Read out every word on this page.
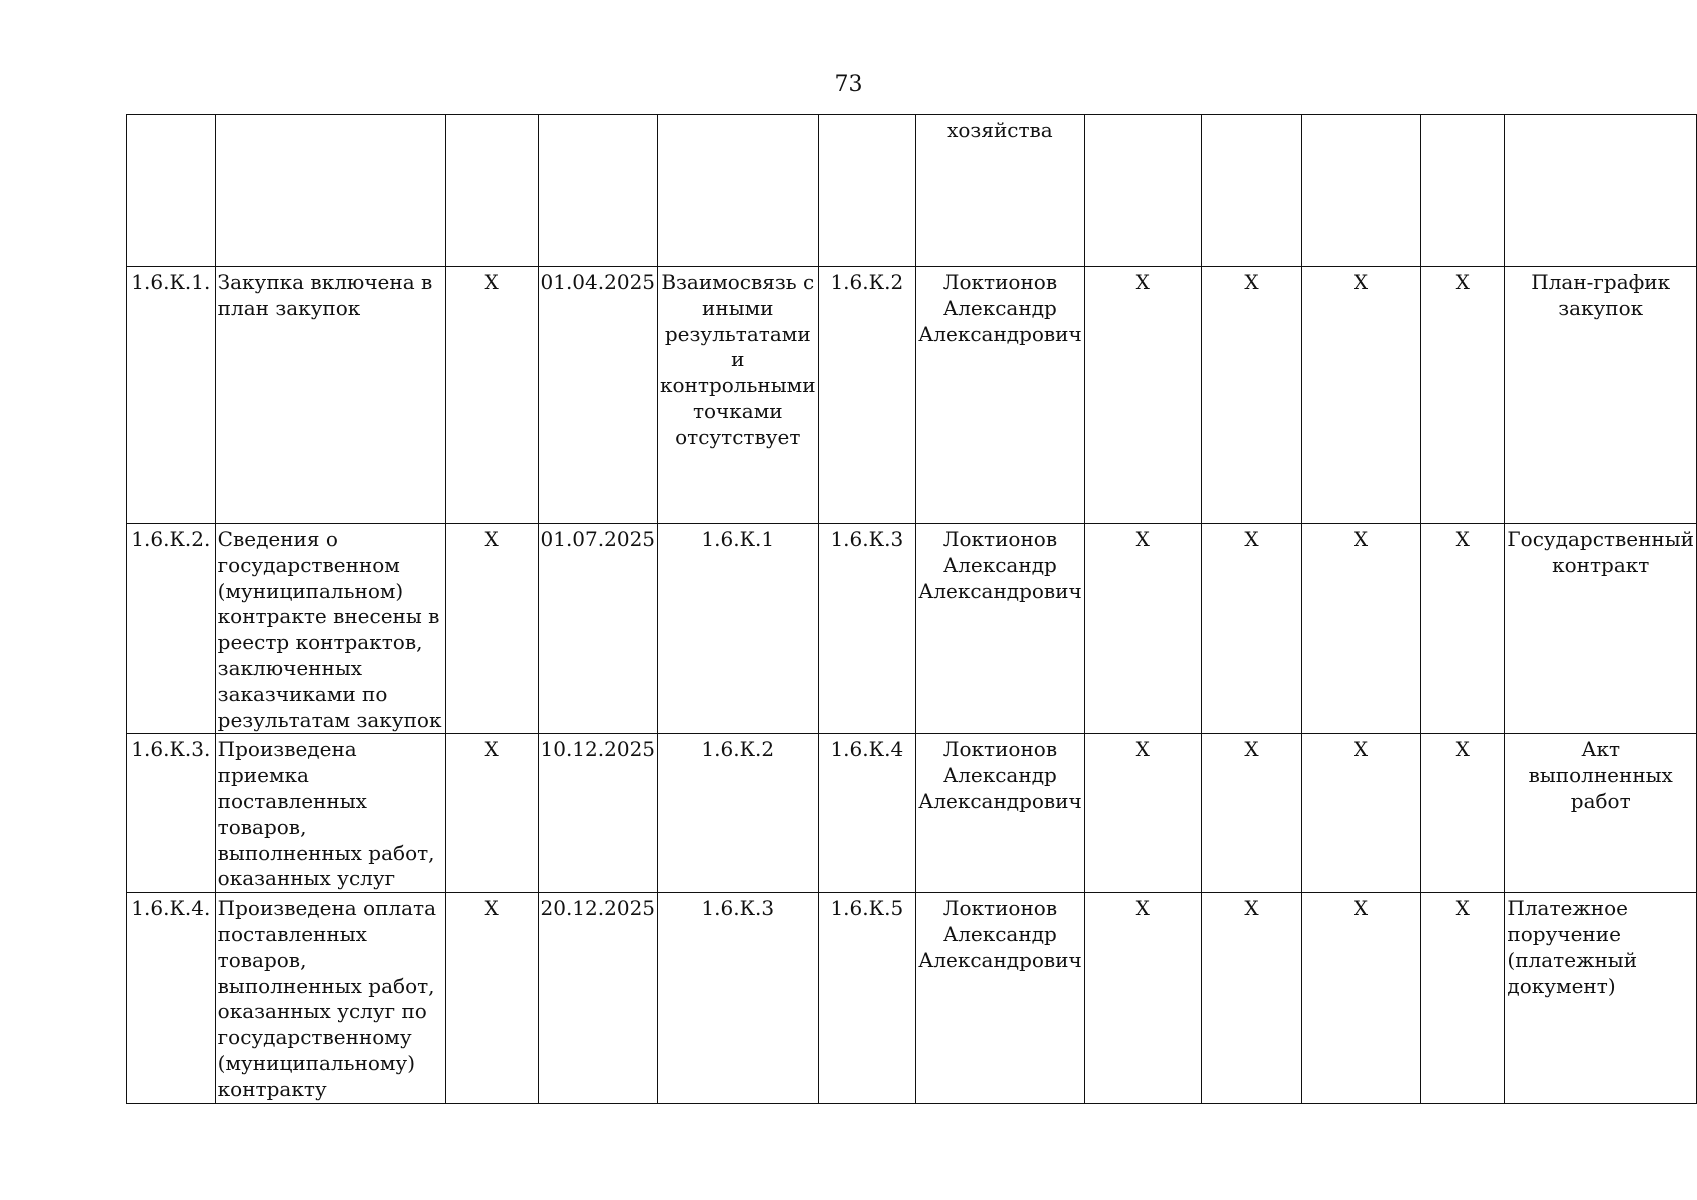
73
						хозяйства					
1.6.К.1.	Закупка включена в план закупок	X	01.04.2025	Взаимосвязь с иными результатами и контрольными точками отсутствует	1.6.К.2	Локтионов Александр Александрович	X	X	X	X	План-график закупок
1.6.К.2.	Сведения о государственном (муниципальном) контракте внесены в реестр контрактов, заключенных заказчиками по результатам закупок	X	01.07.2025	1.6.К.1	1.6.К.3	Локтионов Александр Александрович	X	X	X	X	Государственный контракт
1.6.К.3.	Произведена приемка поставленных товаров, выполненных работ, оказанных услуг	X	10.12.2025	1.6.К.2	1.6.К.4	Локтионов Александр Александрович	X	X	X	X	Акт выполненных работ
1.6.К.4.	Произведена оплата поставленных товаров, выполненных работ, оказанных услуг по государственному (муниципальному) контракту	X	20.12.2025	1.6.К.3	1.6.К.5	Локтионов Александр Александрович	X	X	X	X	Платежное поручение (платежный документ)
